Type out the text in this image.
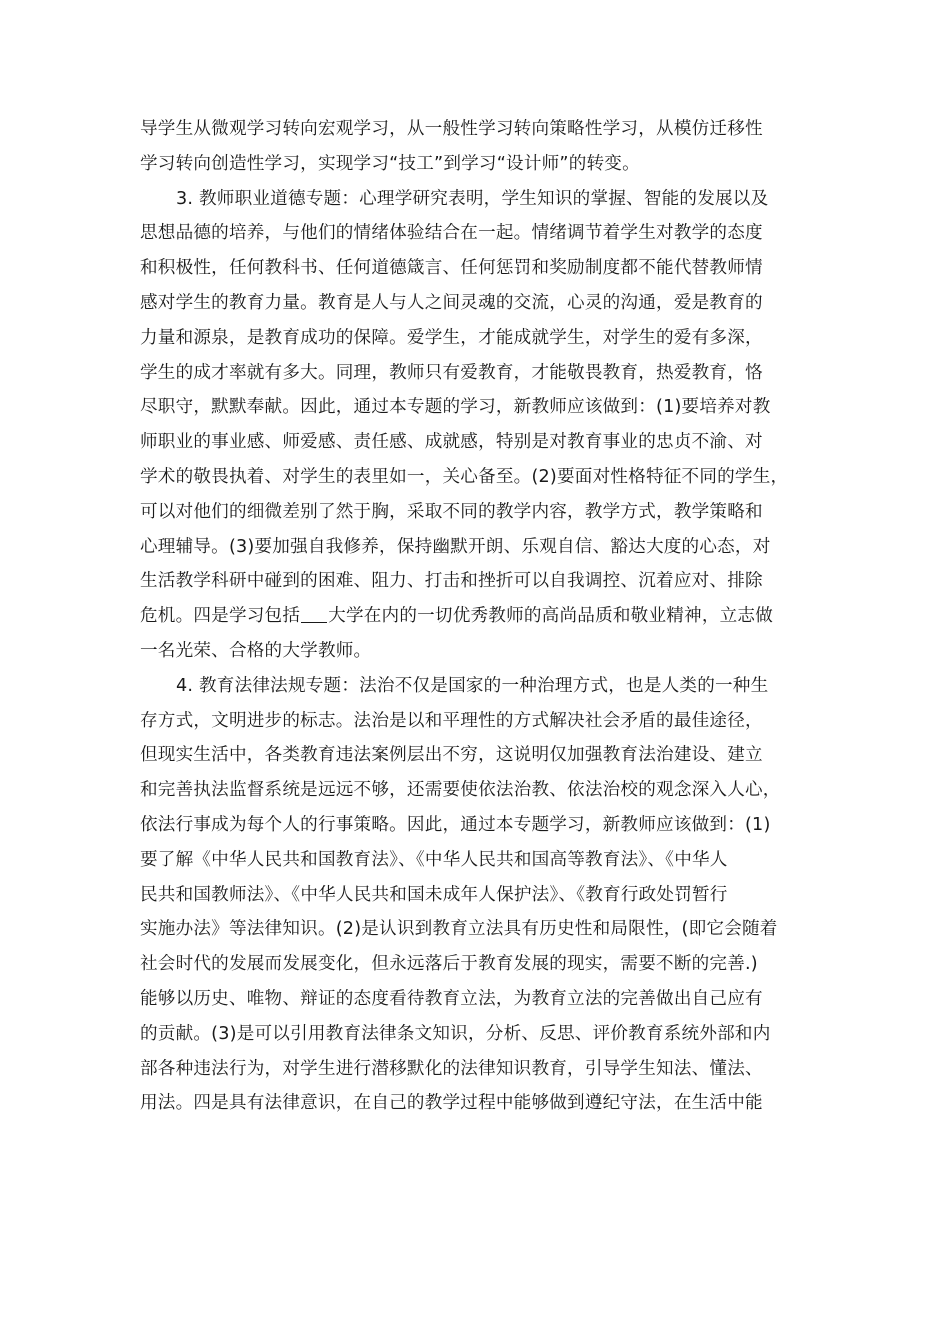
导学生从微观学习转向宏观学习，从一般性学习转向策略性学习，从模仿迁移性
学习转向创造性学习，实现学习“技工”到学习“设计师”的转变。
3. 教师职业道德专题：心理学研究表明，学生知识的掌握、智能的发展以及
思想品德的培养，与他们的情绪体验结合在一起。情绪调节着学生对教学的态度
和积极性，任何教科书、任何道德箴言、任何惩罚和奖励制度都不能代替教师情
感对学生的教育力量。教育是人与人之间灵魂的交流，心灵的沟通，爱是教育的
力量和源泉，是教育成功的保障。爱学生，才能成就学生，对学生的爱有多深，
学生的成才率就有多大。同理，教师只有爱教育，才能敬畏教育，热爱教育，恪
尽职守，默默奉献。因此，通过本专题的学习，新教师应该做到：(1)要培养对教
师职业的事业感、师爱感、责任感、成就感，特别是对教育事业的忠贞不渝、对
学术的敬畏执着、对学生的表里如一，关心备至。(2)要面对性格特征不同的学生，
可以对他们的细微差别了然于胸，采取不同的教学内容，教学方式，教学策略和
心理辅导。(3)要加强自我修养，保持幽默开朗、乐观自信、豁达大度的心态，对
生活教学科研中碰到的困难、阻力、打击和挫折可以自我调控、沉着应对、排除
危机。四是学习包括 大学在内的一切优秀教师的高尚品质和敬业精神，立志做
一名光荣、合格的大学教师。
4. 教育法律法规专题：法治不仅是国家的一种治理方式，也是人类的一种生
存方式，文明进步的标志。法治是以和平理性的方式解决社会矛盾的最佳途径，
但现实生活中，各类教育违法案例层出不穷，这说明仅加强教育法治建设、建立
和完善执法监督系统是远远不够，还需要使依法治教、依法治校的观念深入人心，
依法行事成为每个人的行事策略。因此，通过本专题学习，新教师应该做到：(1)
要了解《中华人民共和国教育法》、《中华人民共和国高等教育法》、《中华人
民共和国教师法》、《中华人民共和国未成年人保护法》、《教育行政处罚暂行
实施办法》等法律知识。(2)是认识到教育立法具有历史性和局限性，(即它会随着
社会时代的发展而发展变化，但永远落后于教育发展的现实，需要不断的完善.)
能够以历史、唯物、辩证的态度看待教育立法，为教育立法的完善做出自己应有
的贡献。(3)是可以引用教育法律条文知识，分析、反思、评价教育系统外部和内
部各种违法行为，对学生进行潜移默化的法律知识教育，引导学生知法、懂法、
用法。四是具有法律意识，在自己的教学过程中能够做到遵纪守法，在生活中能
